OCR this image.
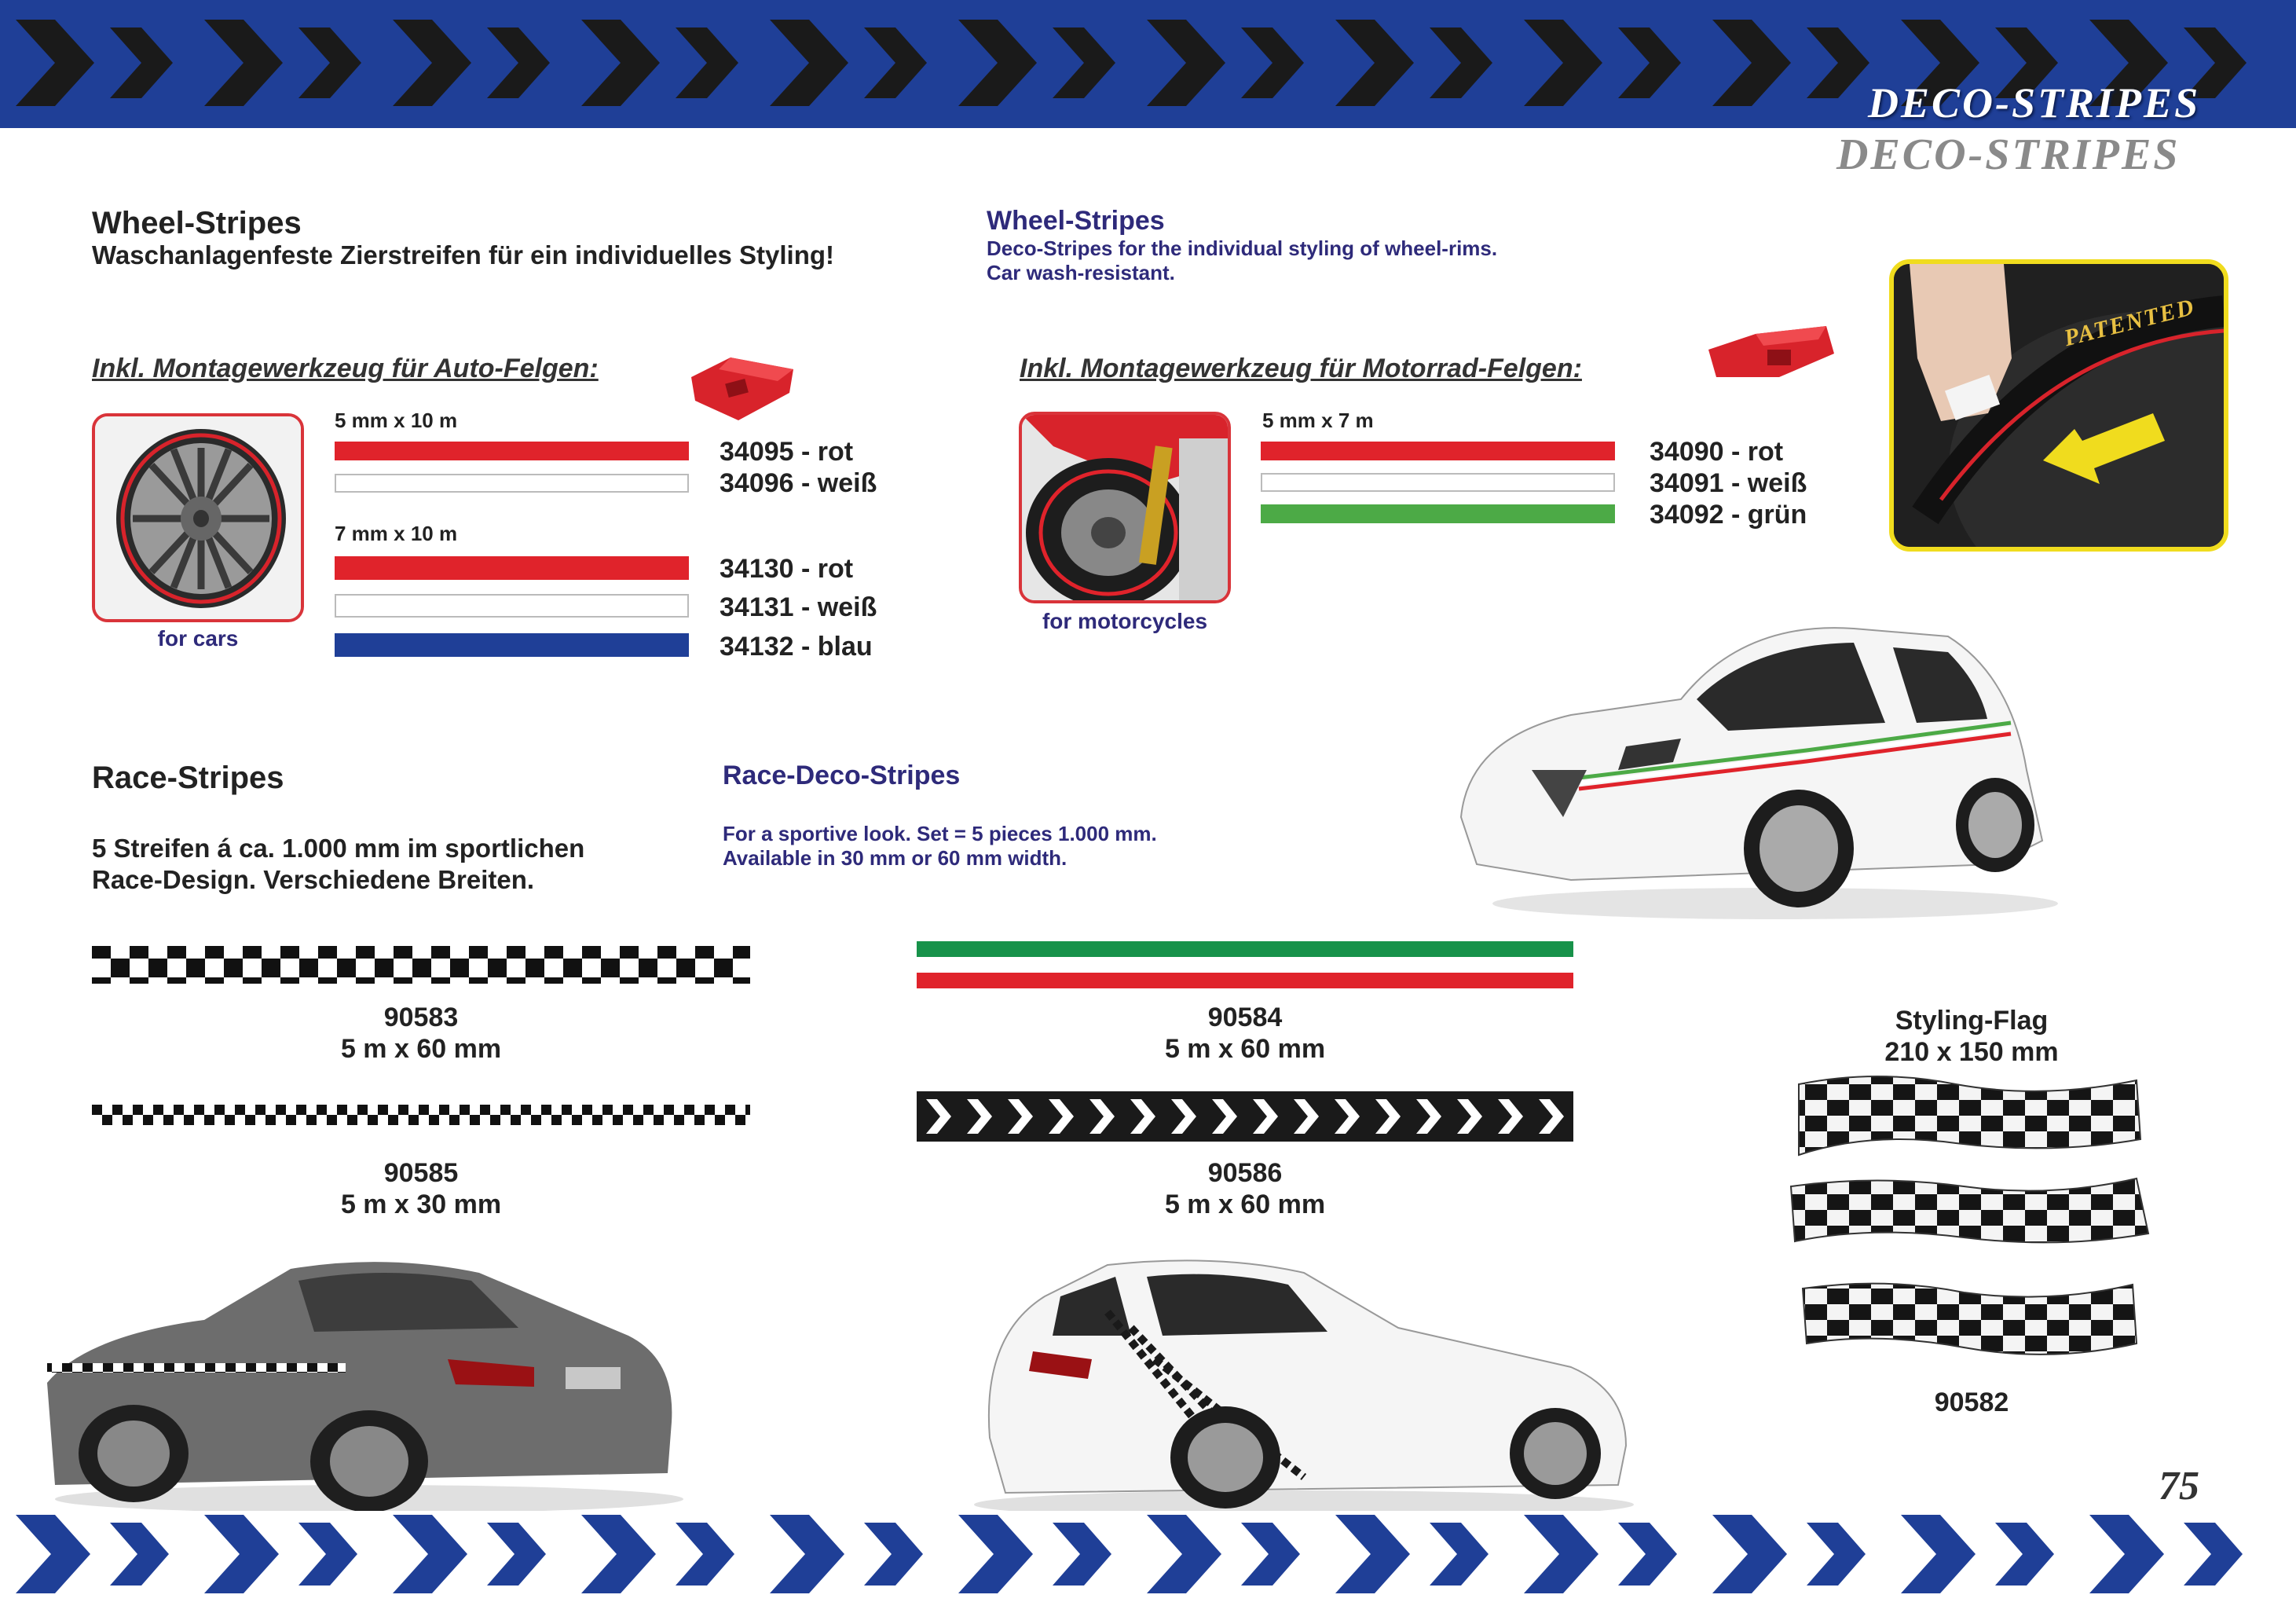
DECO-STRIPES
DECO-STRIPES
Wheel-Stripes
Waschanlagenfeste Zierstreifen für ein individuelles Styling!
Wheel-Stripes
Deco-Stripes for the individual styling of wheel-rims.
Car wash-resistant.
Inkl. Montagewerkzeug für Auto-Felgen:
for cars
5 mm x 10 m
7 mm x 10 m
34095 - rot
34096 - weiß
34130 - rot
34131 - weiß
34132 - blau
Inkl. Montagewerkzeug für Motorrad-Felgen:
for motorcycles
5 mm x 7 m
34090 - rot
34091 - weiß
34092 - grün
PATENTED
Race-Stripes
5 Streifen á ca. 1.000 mm im sportlichen
Race-Design. Verschiedene Breiten.
Race-Deco-Stripes
For a sportive look. Set = 5 pieces 1.000 mm.
Available in 30 mm or 60 mm width.
90583
5 m x 60 mm
90585
5 m x 30 mm
90584
5 m x 60 mm
90586
5 m x 60 mm
Styling-Flag
210 x 150 mm
90582
75
